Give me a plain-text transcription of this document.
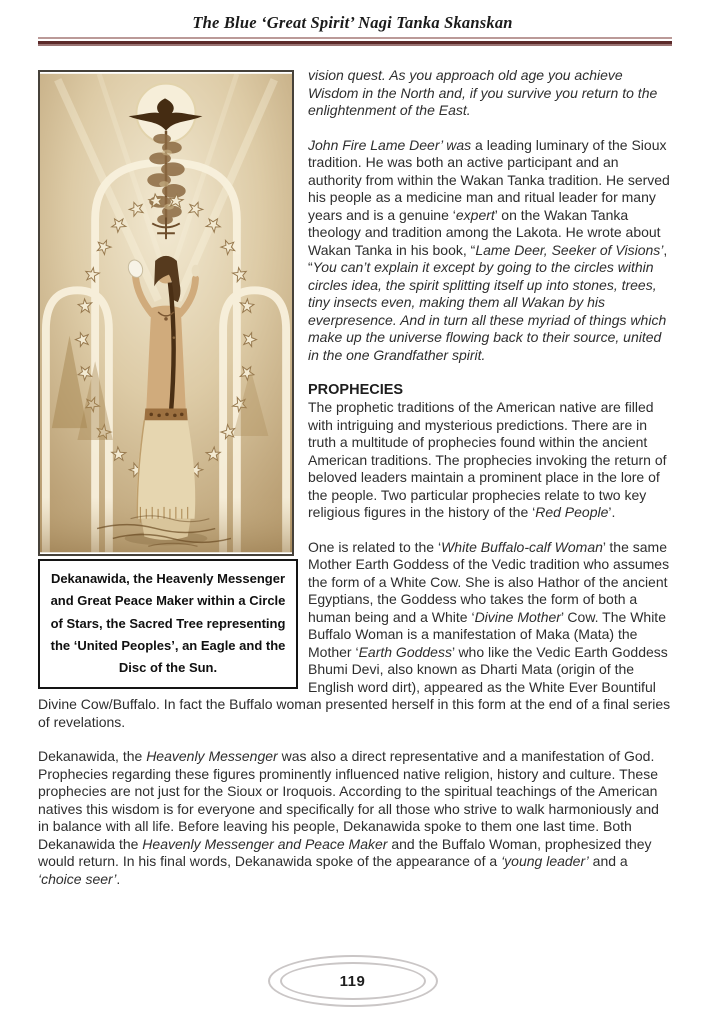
The Blue ‘Great Spirit’ Nagi Tanka Skanskan
Dekanawida, the Heavenly Messenger and Great Peace Maker within a Circle of Stars, the Sacred Tree representing the ‘United Peoples’, an Eagle and the Disc of the Sun.

vision quest. As you approach old age you achieve Wisdom in the North and, if you survive you return to the enlightenment of the East.

John Fire Lame Deer’ was a leading luminary of the Sioux tradition. He was both an active participant and an authority from within the Wakan Tanka tradition. He served his people as a medicine man and ritual leader for many years and is a genuine ‘expert’ on the Wakan Tanka theology and tradition among the Lakota. He wrote about Wakan Tanka in his book, “Lame Deer, Seeker of Visions’, “You can’t explain it except by going to the circles within circles idea, the spirit splitting itself up into stones, trees, tiny insects even, making them all Wakan by his everpresence. And in turn all these myriad of things which make up the universe flowing back to their source, united in the one Grandfather spirit.

PROPHECIES

The prophetic traditions of the American native are filled with intriguing and mysterious predictions. There are in truth a multitude of prophecies found within the ancient American traditions. The prophecies invoking the return of beloved leaders maintain a prominent place in the lore of the people. Two particular prophecies relate to two key religious figures in the history of the ‘Red People’.

One is related to the ‘White Buffalo-calf Woman’ the same Mother Earth Goddess of the Vedic tradition who assumes the form of a White Cow. She is also Hathor of the ancient Egyptians, the Goddess who takes the form of both a human being and a White ‘Divine Mother’ Cow. The White Buffalo Woman is a manifestation of Maka (Mata) the Mother ‘Earth Goddess’ who like the Vedic Earth Goddess Bhumi Devi, also known as Dharti Mata (origin of the English word dirt), appeared as the White Ever Bountiful Divine Cow/Buffalo. In fact the Buffalo woman presented herself in this form at the end of a final series of revelations.

Dekanawida, the Heavenly Messenger was also a direct representative and a manifestation of God. Prophecies regarding these figures prominently influenced native religion, history and culture. These prophecies are not just for the Sioux or Iroquois. According to the spiritual teachings of the American natives this wisdom is for everyone and specifically for all those who strive to walk harmoniously and in balance with all life. Before leaving his people, Dekanawida spoke to them one last time. Both Dekanawida the Heavenly Messenger and Peace Maker and the Buffalo Woman, prophesized they would return. In his final words, Dekanawida spoke of the appearance of a ‘young leader’ and a ‘choice seer’.

119
